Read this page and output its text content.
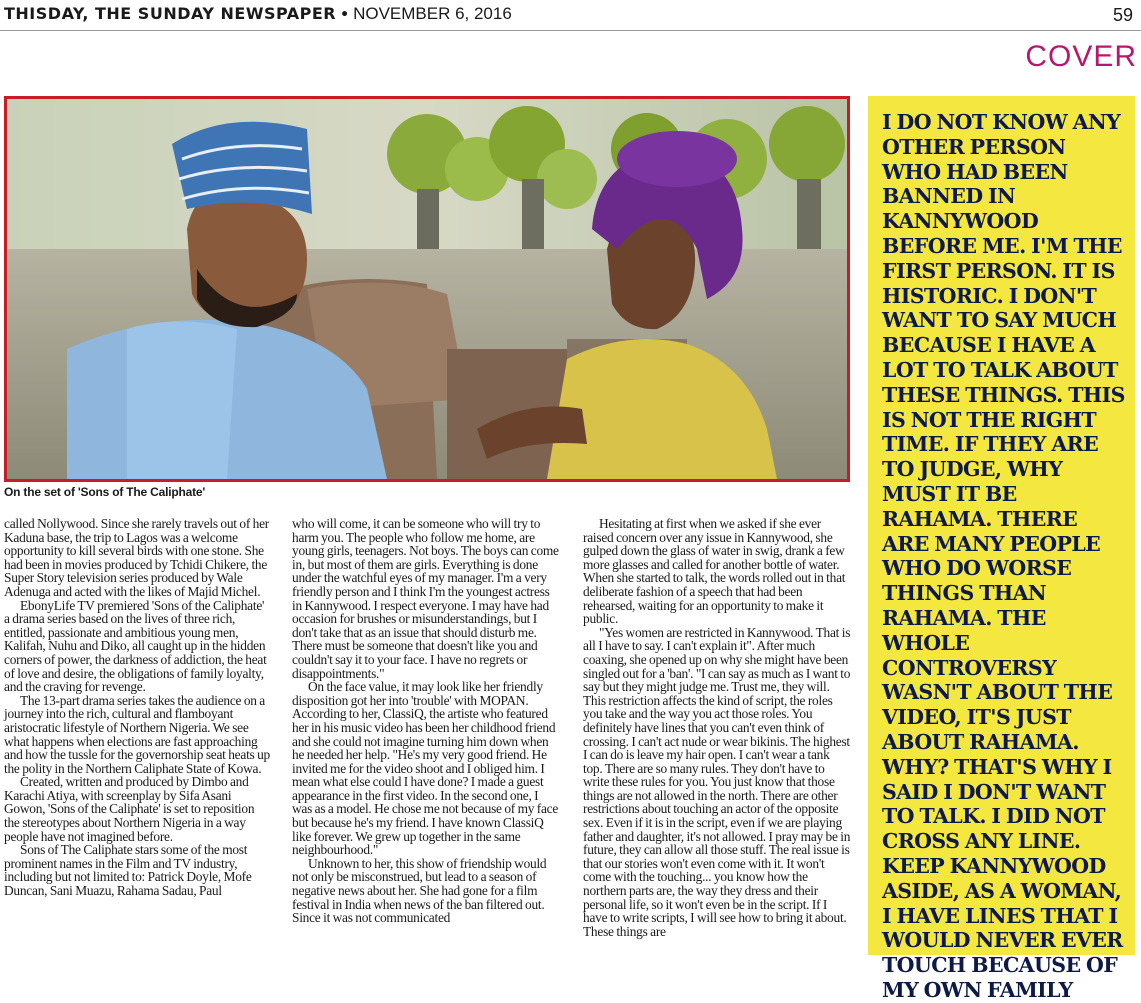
THISDAY, THE SUNDAY NEWSPAPER • NOVEMBER 6, 2016	59
COVER
On the set of 'Sons of The Caliphate'

called Nollywood. Since she rarely travels out of her Kaduna base, the trip to Lagos was a welcome opportunity to kill several birds with one stone. She had been in movies produced by Tchidi Chikere, the Super Story television series produced by Wale Adenuga and acted with the likes of Majid Michel.

EbonyLife TV premiered 'Sons of the Caliphate' a drama series based on the lives of three rich, entitled, passionate and ambitious young men, Kalifah, Nuhu and Diko, all caught up in the hidden corners of power, the darkness of addiction, the heat of love and desire, the obligations of family loyalty, and the craving for revenge.

The 13-part drama series takes the audience on a journey into the rich, cultural and flamboyant aristocratic lifestyle of Northern Nigeria. We see what happens when elections are fast approaching and how the tussle for the governorship seat heats up the polity in the Northern Caliphate State of Kowa.

Created, written and produced by Dimbo and Karachi Atiya, with screenplay by Sifa Asani Gowon, 'Sons of the Caliphate' is set to reposition the stereotypes about Northern Nigeria in a way people have not imagined before.

Sons of The Caliphate stars some of the most prominent names in the Film and TV industry, including but not limited to: Patrick Doyle, Mofe Duncan, Sani Muazu, Rahama Sadau, Paul

who will come, it can be someone who will try to harm you. The people who follow me home, are young girls, teenagers. Not boys. The boys can come in, but most of them are girls. Everything is done under the watchful eyes of my manager. I'm a very friendly person and I think I'm the youngest actress in Kannywood. I respect everyone. I may have had occasion for brushes or misunderstandings, but I don't take that as an issue that should disturb me. There must be someone that doesn't like you and couldn't say it to your face. I have no regrets or disappointments."

On the face value, it may look like her friendly disposition got her into 'trouble' with MOPAN. According to her, ClassiQ, the artiste who featured her in his music video has been her childhood friend and she could not imagine turning him down when he needed her help. "He's my very good friend. He invited me for the video shoot and I obliged him. I mean what else could I have done? I made a guest appearance in the first video. In the second one, I was as a model. He chose me not because of my face but because he's my friend. I have known ClassiQ like forever. We grew up together in the same neighbourhood."

Unknown to her, this show of friendship would not only be misconstrued, but lead to a season of negative news about her. She had gone for a film festival in India when news of the ban filtered out. Since it was not communicated

Hesitating at first when we asked if she ever raised concern over any issue in Kannywood, she gulped down the glass of water in swig, drank a few more glasses and called for another bottle of water. When she started to talk, the words rolled out in that deliberate fashion of a speech that had been rehearsed, waiting for an opportunity to make it public.

"Yes women are restricted in Kannywood. That is all I have to say. I can't explain it". After much coaxing, she opened up on why she might have been singled out for a 'ban'. "I can say as much as I want to say but they might judge me. Trust me, they will. This restriction affects the kind of script, the roles you take and the way you act those roles. You definitely have lines that you can't even think of crossing. I can't act nude or wear bikinis. The highest I can do is leave my hair open. I can't wear a tank top. There are so many rules. They don't have to write these rules for you. You just know that those things are not allowed in the north. There are other restrictions about touching an actor of the opposite sex. Even if it is in the script, even if we are playing father and daughter, it's not allowed. I pray may be in future, they can allow all those stuff. The real issue is that our stories won't even come with it. It won't come with the touching... you know how the northern parts are, the way they dress and their personal life, so it won't even be in the script. If I have to write scripts, I will see how to bring it about. These things are

I DO NOT KNOW ANY OTHER PERSON WHO HAD BEEN BANNED IN KANNYWOOD BEFORE ME. I'M THE FIRST PERSON. IT IS HISTORIC. I DON'T WANT TO SAY MUCH BECAUSE I HAVE A LOT TO TALK ABOUT THESE THINGS. THIS IS NOT THE RIGHT TIME. IF THEY ARE TO JUDGE, WHY MUST IT BE RAHAMA. THERE ARE MANY PEOPLE WHO DO WORSE THINGS THAN RAHAMA. THE WHOLE CONTROVERSY WASN'T ABOUT THE VIDEO, IT'S JUST ABOUT RAHAMA. WHY? THAT'S WHY I SAID I DON'T WANT TO TALK. I DID NOT CROSS ANY LINE. KEEP KANNYWOOD ASIDE, AS A WOMAN, I HAVE LINES THAT I WOULD NEVER EVER TOUCH BECAUSE OF MY OWN FAMILY
